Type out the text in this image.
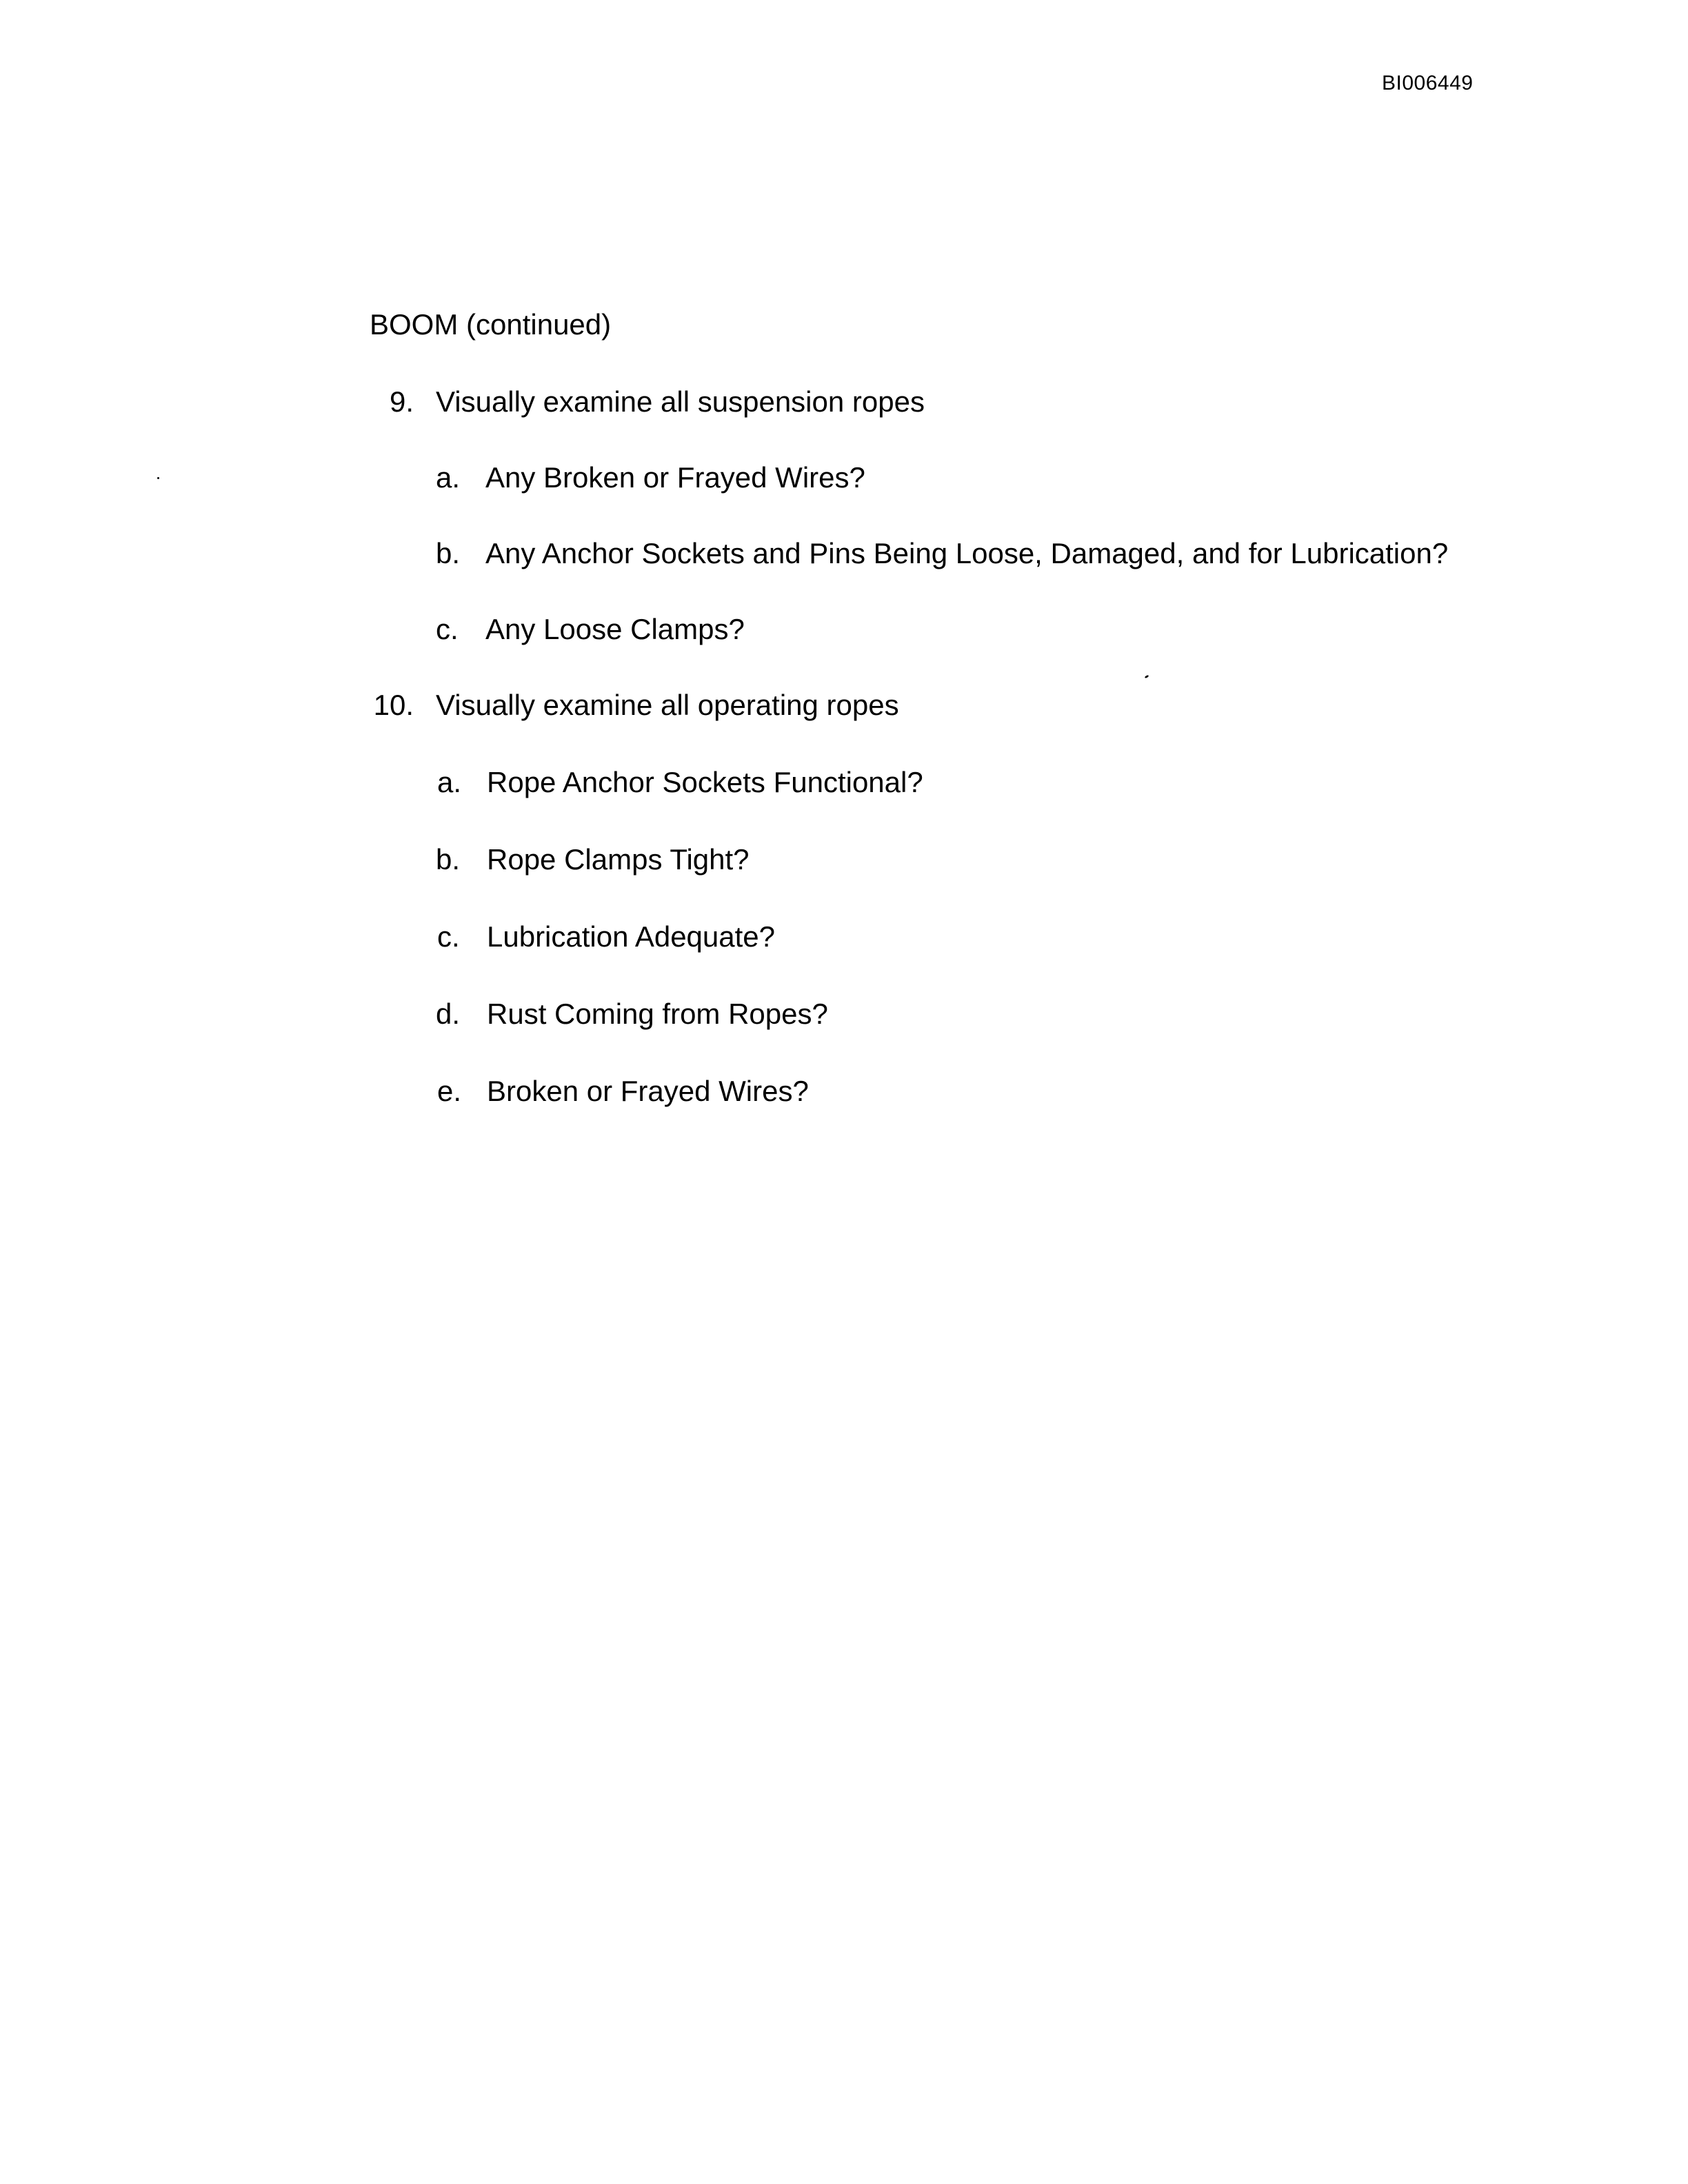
BI006449
BOOM (continued)
9. Visually examine all suspension ropes
a. Any Broken or Frayed Wires?
b. Any Anchor Sockets and Pins Being Loose, Damaged, and for Lubrication?
c. Any Loose Clamps?
10. Visually examine all operating ropes
a. Rope Anchor Sockets Functional?
b. Rope Clamps Tight?
c. Lubrication Adequate?
d. Rust Coming from Ropes?
e. Broken or Frayed Wires?
